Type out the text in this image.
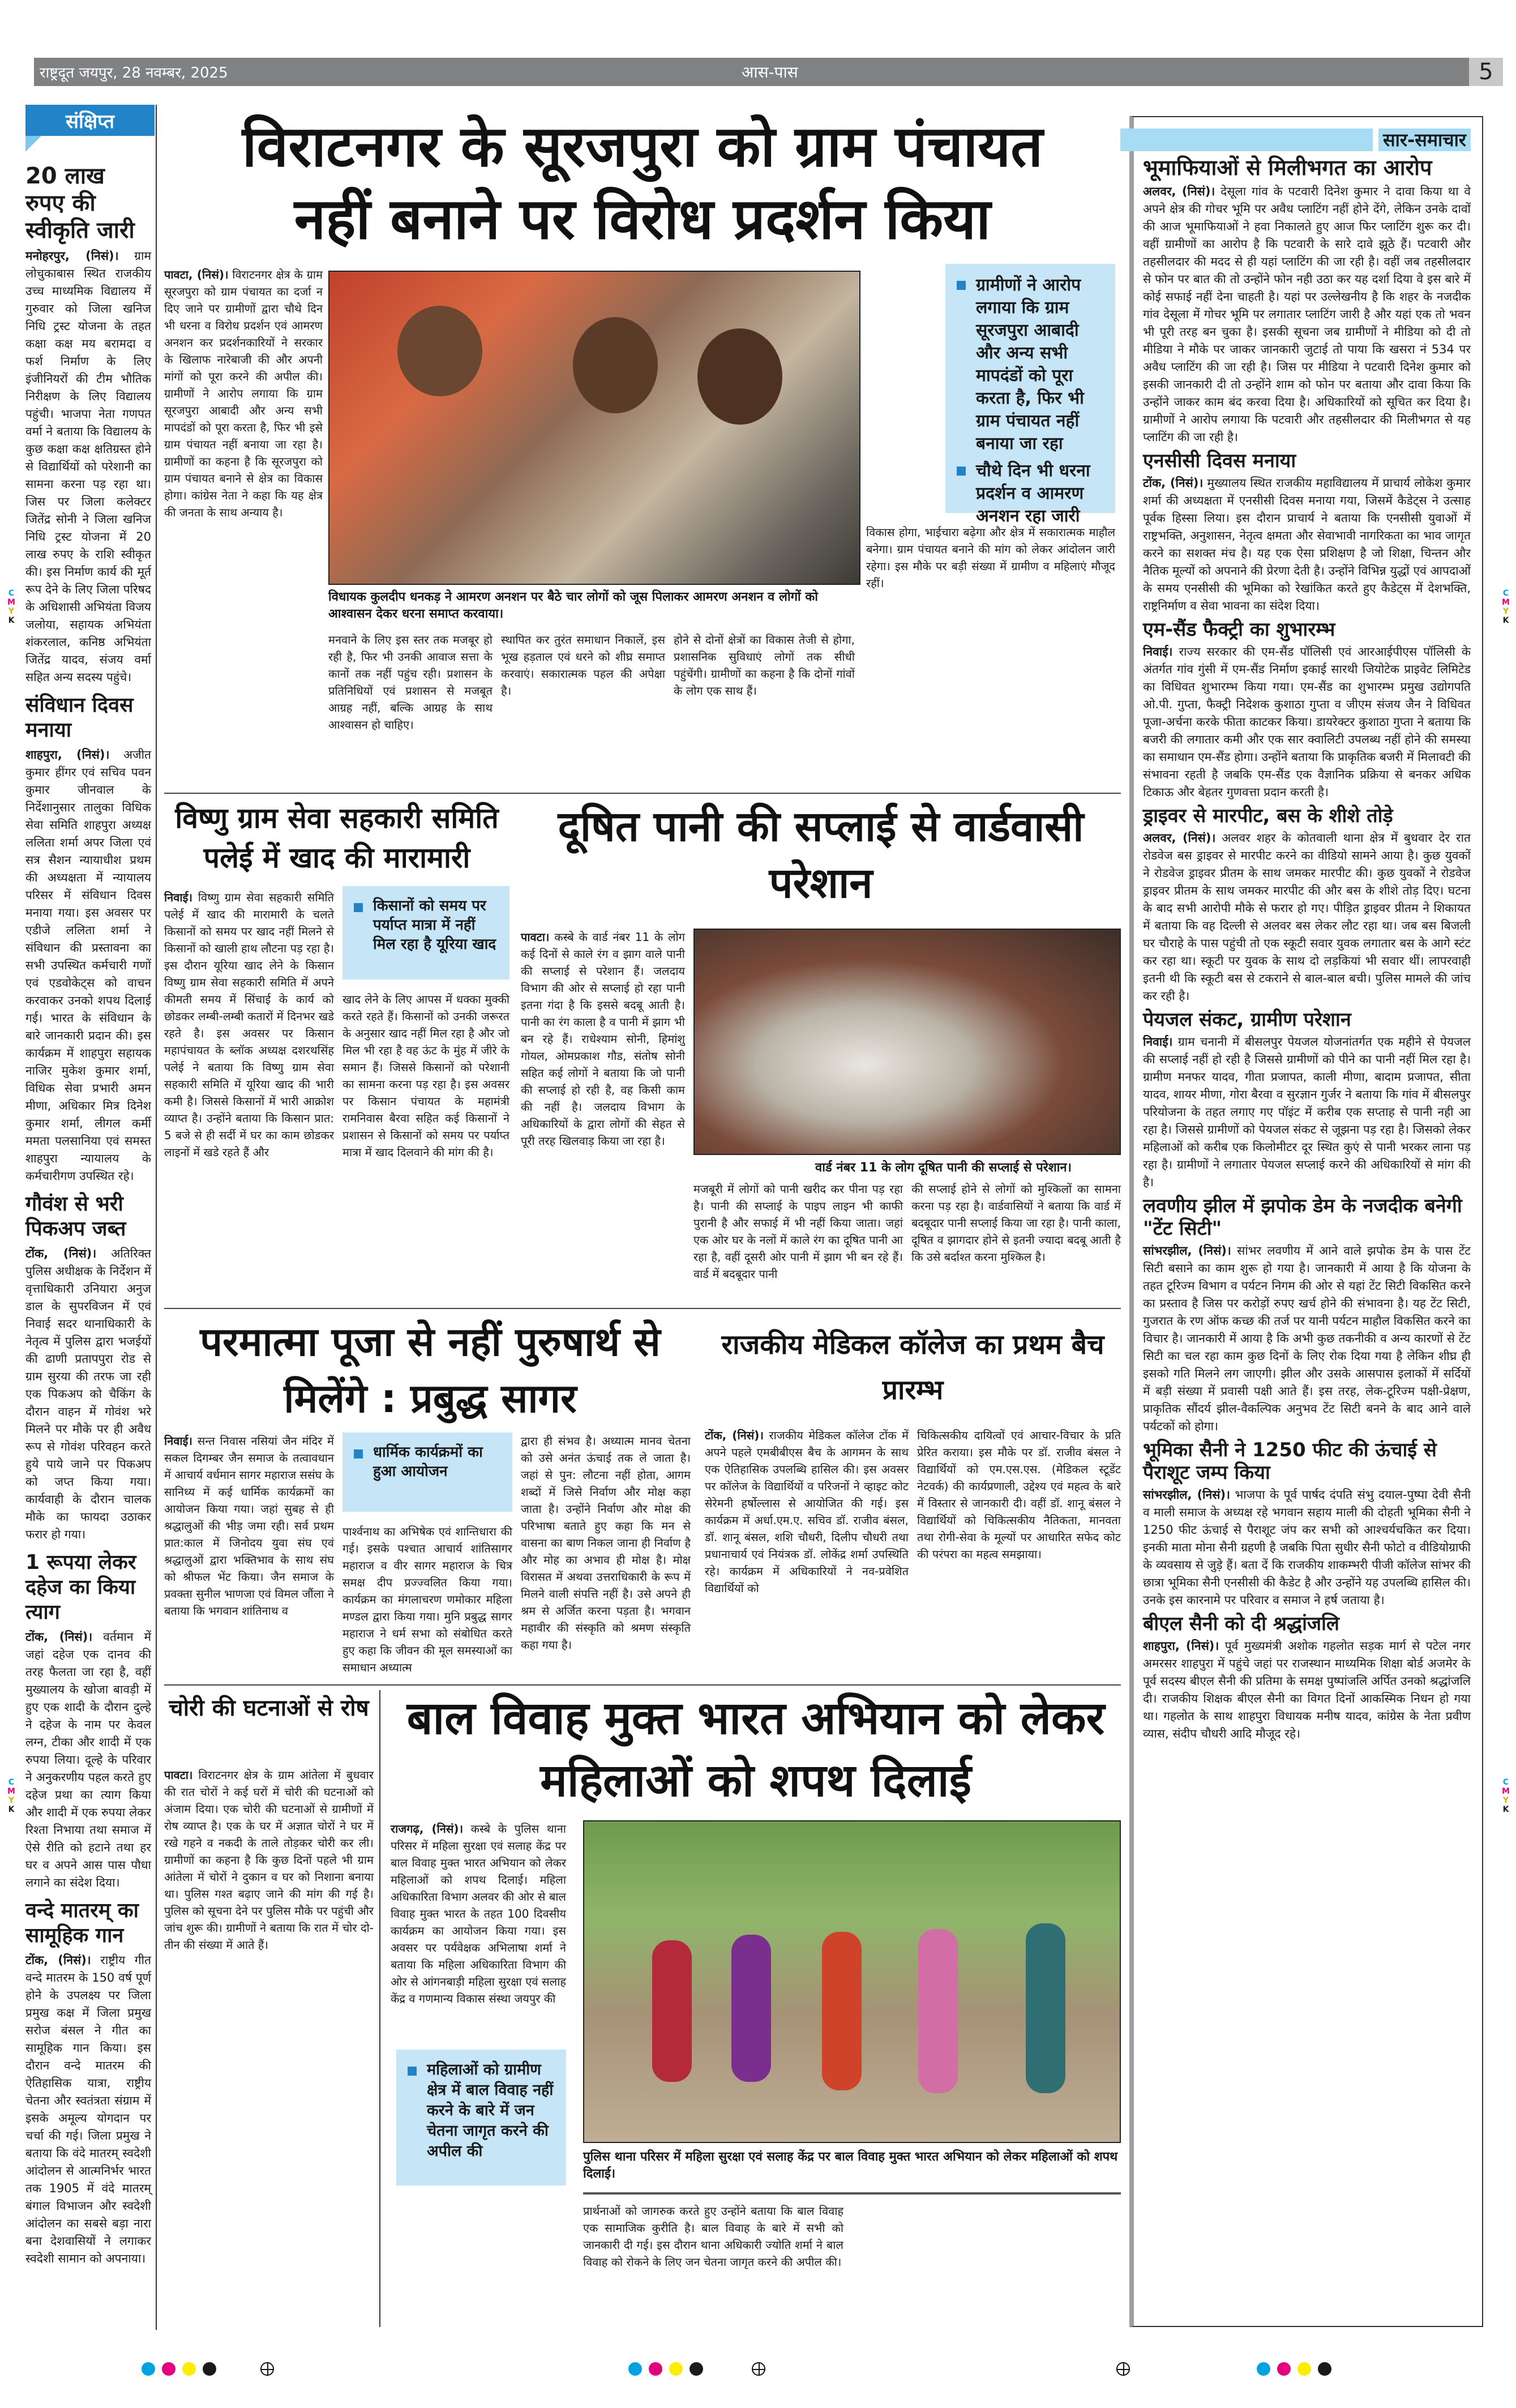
राष्ट्रदूत जयपुर, 28 नवम्बर, 2025	आस-पास	5
संक्षिप्त
20 लाख रुपए की स्वीकृति जारी

मनोहरपुर, (निसं)। ग्राम लोचुकाबास स्थित राजकीय उच्च माध्यमिक विद्यालय में गुरुवार को जिला खनिज निधि ट्रस्ट योजना के तहत कक्षा कक्ष मय बरामदा व फर्श निर्माण के लिए इंजीनियरों की टीम भौतिक निरीक्षण के लिए विद्यालय पहुंची। भाजपा नेता गणपत वर्मा ने बताया कि विद्यालय के कुछ कक्षा कक्ष क्षतिग्रस्त होने से विद्यार्थियों को परेशानी का सामना करना पड़ रहा था। जिस पर जिला कलेक्टर जितेंद्र सोनी ने जिला खनिज निधि ट्रस्ट योजना में 20 लाख रुपए के राशि स्वीकृत की। इस निर्माण कार्य की मूर्त रूप देने के लिए जिला परिषद के अधिशासी अभियंता विजय जलोया, सहायक अभियंता शंकरलाल, कनिष्ठ अभियंता जितेंद्र यादव, संजय वर्मा सहित अन्य सदस्य पहुंचे।

संविधान दिवस मनाया

शाहपुरा, (निसं)। अजीत कुमार हींगर एवं सचिव पवन कुमार जीनवाल के निर्देशानुसार तालुका विधिक सेवा समिति शाहपुरा अध्यक्ष ललिता शर्मा अपर जिला एवं सत्र सैशन न्यायाधीश प्रथम की अध्यक्षता में न्यायालय परिसर में संविधान दिवस मनाया गया। इस अवसर पर एडीजे ललिता शर्मा ने संविधान की प्रस्तावना का सभी उपस्थित कर्मचारी गणों एवं एडवोकेट्स को वाचन करवाकर उनको शपथ दिलाई गई। भारत के संविधान के बारे जानकारी प्रदान की। इस कार्यक्रम में शाहपुरा सहायक नाजिर मुकेश कुमार शर्मा, विधिक सेवा प्रभारी अमन मीणा, अधिकार मित्र दिनेश कुमार शर्मा, लीगल कर्मी ममता पलसानिया एवं समस्त शाहपुरा न्यायालय के कर्मचारीगण उपस्थित रहे।

गौवंश से भरी पिकअप जब्त

टोंक, (निसं)। अतिरिक्त पुलिस अधीक्षक के निर्देशन में वृत्ताधिकारी उनियारा अनुज डाल के सुपरविजन में एवं निवाई सदर थानाधिकारी के नेतृत्व में पुलिस द्वारा भजईयों की ढाणी प्रतापपुरा रोड से ग्राम सुरया की तरफ जा रही एक पिकअप को चैकिंग के दौरान वाहन में गोवंश भरे मिलने पर मौके पर ही अवैध रूप से गोवंश परिवहन करते हुये पाये जाने पर पिकअप को जप्त किया गया। कार्यवाही के दौरान चालक मौके का फायदा उठाकर फरार हो गया।

1 रूपया लेकर दहेज का किया त्याग

टोंक, (निसं)। वर्तमान में जहां दहेज एक दानव की तरह फैलता जा रहा है, वहीं मुख्यालय के खोजा बावड़ी में हुए एक शादी के दौरान दुल्हे ने दहेज के नाम पर केवल लग्न, टीका और शादी में एक रुपया लिया। दूल्हे के परिवार ने अनुकरणीय पहल करते हुए दहेज प्रथा का त्याग किया और शादी में एक रुपया लेकर रिश्ता निभाया तथा समाज में ऐसे रीति को हटाने तथा हर घर व अपने आस पास पौधा लगाने का संदेश दिया।

वन्दे मातरम् का सामूहिक गान

टोंक, (निसं)। राष्ट्रीय गीत वन्दे मातरम के 150 वर्ष पूर्ण होने के उपलक्ष्य पर जिला प्रमुख कक्ष में जिला प्रमुख सरोज बंसल ने गीत का सामूहिक गान किया। इस दौरान वन्दे मातरम की ऐतिहासिक यात्रा, राष्ट्रीय चेतना और स्वतंत्रता संग्राम में इसके अमूल्य योगदान पर चर्चा की गई। जिला प्रमुख ने बताया कि वंदे मातरम् स्वदेशी आंदोलन से आत्मनिर्भर भारत तक 1905 में वंदे मातरम् बंगाल विभाजन और स्वदेशी आंदोलन का सबसे बड़ा नारा बना देशवासियों ने लगाकर स्वदेशी सामान को अपनाया।

विराटनगर के सूरजपुरा को ग्राम पंचायत
नहीं बनाने पर विरोध प्रदर्शन किया
पावटा, (निसं)। विराटनगर क्षेत्र के ग्राम सूरजपुरा को ग्राम पंचायत का दर्जा न दिए जाने पर ग्रामीणों द्वारा चौथे दिन भी धरना व विरोध प्रदर्शन एवं आमरण अनशन कर प्रदर्शनकारियों ने सरकार के खिलाफ नारेबाजी की और अपनी मांगों को पूरा करने की अपील की। ग्रामीणों ने आरोप लगाया कि ग्राम सूरजपुरा आबादी और अन्य सभी मापदंडों को पूरा करता है, फिर भी इसे ग्राम पंचायत नहीं बनाया जा रहा है। ग्रामीणों का कहना है कि सूरजपुरा को ग्राम पंचायत बनाने से क्षेत्र का विकास होगा। कांग्रेस नेता ने कहा कि यह क्षेत्र की जनता के साथ अन्याय है।
विधायक कुलदीप धनकड़ ने आमरण अनशन पर बैठे चार लोगों को जूस पिलाकर आमरण अनशन व लोगों को आश्वासन देकर धरना समाप्त करवाया।
ग्रामीणों ने आरोप लगाया कि ग्राम सूरजपुरा आबादी और अन्य सभी मापदंडों को पूरा करता है, फिर भी ग्राम पंचायत नहीं बनाया जा रहा
चौथे दिन भी धरना प्रदर्शन व आमरण अनशन रहा जारी
विकास होगा, भाईचारा बढ़ेगा और क्षेत्र में सकारात्मक माहौल बनेगा। ग्राम पंचायत बनाने की मांग को लेकर आंदोलन जारी रहेगा। इस मौके पर बड़ी संख्या में ग्रामीण व महिलाएं मौजूद रहीं।
मनवाने के लिए इस स्तर तक मजबूर हो रही है, फिर भी उनकी आवाज सत्ता के कानों तक नहीं पहुंच रही। प्रशासन के प्रतिनिधियों एवं प्रशासन से मजबूत आग्रह नहीं, बल्कि आग्रह के साथ आश्वासन हो चाहिए।
स्थापित कर तुरंत समाधान निकालें, इस भूख हड़ताल एवं धरने को शीघ्र समाप्त करवाएं। सकारात्मक पहल की अपेक्षा है।
होने से दोनों क्षेत्रों का विकास तेजी से होगा, प्रशासनिक सुविधाएं लोगों तक सीधी पहुंचेंगी। ग्रामीणों का कहना है कि दोनों गांवों के लोग एक साथ हैं।
विष्णु ग्राम सेवा सहकारी समिति पलेई में खाद की मारामारी
निवाई। विष्णु ग्राम सेवा सहकारी समिति पलेई में खाद की मारामारी के चलते किसानों को समय पर खाद नहीं मिलने से किसानों को खाली हाथ लौटना पड़ रहा है। इस दौरान यूरिया खाद लेने के किसान विष्णु ग्राम सेवा सहकारी समिति में अपने कीमती समय में सिंचाई के कार्य को छोडकर लम्बी-लम्बी कतारों में दिनभर खडे रहते है। इस अवसर पर किसान महापंचायत के ब्लॉक अध्यक्ष दशरथसिंह पलेई ने बताया कि विष्णु ग्राम सेवा सहकारी समिति में यूरिया खाद की भारी कमी है। जिससे किसानों में भारी आक्रोश व्याप्त है। उन्होंने बताया कि किसान प्रात: 5 बजे से ही सर्दी में घर का काम छोडकर लाइनों में खडे रहते हैं और
किसानों को समय पर पर्याप्त मात्रा में नहीं मिल रहा है यूरिया खाद
खाद लेने के लिए आपस में धक्का मुक्की करते रहते हैं। किसानों को उनकी जरूरत के अनुसार खाद नहीं मिल रहा है और जो मिल भी रहा है वह ऊंट के मुंह में जीरे के समान हैं। जिससे किसानों को परेशानी का सामना करना पड़ रहा है। इस अवसर पर किसान पंचायत के महामंत्री रामनिवास बैरवा सहित कई किसानों ने प्रशासन से किसानों को समय पर पर्याप्त मात्रा में खाद दिलवाने की मांग की है।
दूषित पानी की सप्लाई से वार्डवासी परेशान
पावटा। कस्बे के वार्ड नंबर 11 के लोग कई दिनों से काले रंग व झाग वाले पानी की सप्लाई से परेशान हैं। जलदाय विभाग की ओर से सप्लाई हो रहा पानी इतना गंदा है कि इससे बदबू आती है। पानी का रंग काला है व पानी में झाग भी बन रहे हैं। राधेश्याम सोनी, हिमांशु गोयल, ओमप्रकाश गौड, संतोष सोनी सहित कई लोगों ने बताया कि जो पानी की सप्लाई हो रही है, वह किसी काम की नहीं है। जलदाय विभाग के अधिकारियों के द्वारा लोगों की सेहत से पूरी तरह खिलवाड़ किया जा रहा है।
वार्ड नंबर 11 के लोग दूषित पानी की सप्लाई से परेशान।
मजबूरी में लोगों को पानी खरीद कर पीना पड़ रहा है। पानी की सप्लाई के पाइप लाइन भी काफी पुरानी है और सफाई में भी नहीं किया जाता। जहां एक ओर घर के नलों में काले रंग का दूषित पानी आ रहा है, वहीं दूसरी ओर पानी में झाग भी बन रहे हैं। वार्ड में बदबूदार पानी
की सप्लाई होने से लोगों को मुश्किलों का सामना करना पड़ रहा है। वार्डवासियों ने बताया कि वार्ड में बदबूदार पानी सप्लाई किया जा रहा है। पानी काला, दूषित व झागदार होने से इतनी ज्यादा बदबू आती है कि उसे बर्दाश्त करना मुश्किल है।
परमात्मा पूजा से नहीं पुरुषार्थ से मिलेंगे : प्रबुद्ध सागर
निवाई। सन्त निवास नसियां जैन मंदिर में सकल दिगम्बर जैन समाज के तत्वावधान में आचार्य वर्धमान सागर महाराज ससंघ के सानिध्य में कई धार्मिक कार्यक्रमों का आयोजन किया गया। जहां सुबह से ही श्रद्धालुओं की भीड़ जमा रही। सर्व प्रथम प्रात:काल में जिनोदय युवा संघ एवं श्रद्धालुओं द्वारा भक्तिभाव के साथ संघ को श्रीफल भेंट किया। जैन समाज के प्रवक्ता सुनील भाणजा एवं विमल जौंला ने बताया कि भगवान शांतिनाथ व
धार्मिक कार्यक्रमों का हुआ आयोजन
पार्श्वनाथ का अभिषेक एवं शान्तिधारा की गई। इसके पश्चात आचार्य शांतिसागर महाराज व वीर सागर महाराज के चित्र समक्ष दीप प्रज्ज्वलित किया गया। कार्यक्रम का मंगलाचरण णमोकार महिला मण्डल द्वारा किया गया। मुनि प्रबुद्ध सागर महाराज ने धर्म सभा को संबोधित करते हुए कहा कि जीवन की मूल समस्याओं का समाधान अध्यात्म
द्वारा ही संभव है। अध्यात्म मानव चेतना को उसे अनंत ऊंचाई तक ले जाता है। जहां से पुन: लौटना नहीं होता, आगम शब्दों में जिसे निर्वाण और मोक्ष कहा जाता है। उन्होंने निर्वाण और मोक्ष की परिभाषा बताते हुए कहा कि मन से वासना का बाण निकल जाना ही निर्वाण है और मोह का अभाव ही मोक्ष है। मोक्ष विरासत में अथवा उत्तराधिकारी के रूप में मिलने वाली संपत्ति नहीं है। उसे अपने ही श्रम से अर्जित करना पड़ता है। भगवान महावीर की संस्कृति को श्रमण संस्कृति कहा गया है।
राजकीय मेडिकल कॉलेज का प्रथम बैच प्रारम्भ
टोंक, (निसं)। राजकीय मेडिकल कॉलेज टोंक में अपने पहले एमबीबीएस बैच के आगमन के साथ एक ऐतिहासिक उपलब्धि हासिल की। इस अवसर पर कॉलेज के विद्यार्थियों व परिजनों ने व्हाइट कोट सेरेमनी हर्षोल्लास से आयोजित की गई। इस कार्यक्रम में अर्धा.एम.ए. सचिव डॉ. राजीव बंसल, डॉ. शानू बंसल, शशि चौधरी, दिलीप चौधरी तथा प्रधानाचार्य एवं नियंत्रक डॉ. लोकेंद्र शर्मा उपस्थिति रहे। कार्यक्रम में अधिकारियों ने नव-प्रवेशित विद्यार्थियों को
चिकित्सकीय दायित्वों एवं आचार-विचार के प्रति प्रेरित कराया। इस मौके पर डॉ. राजीव बंसल ने विद्यार्थियों को एम.एस.एस. (मेडिकल स्टूडेंट नेटवर्क) की कार्यप्रणाली, उद्देश्य एवं महत्व के बारे में विस्तार से जानकारी दी। वहीं डॉ. शानू बंसल ने विद्यार्थियों को चिकित्सकीय नैतिकता, मानवता तथा रोगी-सेवा के मूल्यों पर आधारित सफेद कोट की परंपरा का महत्व समझाया।
चोरी की घटनाओं से रोष
पावटा। विराटनगर क्षेत्र के ग्राम आंतेला में बुधवार की रात चोरों ने कई घरों में चोरी की घटनाओं को अंजाम दिया। एक चोरी की घटनाओं से ग्रामीणों में रोष व्याप्त है। एक के घर में अज्ञात चोरों ने घर में रखे गहने व नकदी के ताले तोड़कर चोरी कर ली। ग्रामीणों का कहना है कि कुछ दिनों पहले भी ग्राम आंतेला में चोरों ने दुकान व घर को निशाना बनाया था। पुलिस गश्त बढ़ाए जाने की मांग की गई है। पुलिस को सूचना देने पर पुलिस मौके पर पहुंची और जांच शुरू की। ग्रामीणों ने बताया कि रात में चोर दो-तीन की संख्या में आते हैं।
बाल विवाह मुक्त भारत अभियान को लेकर महिलाओं को शपथ दिलाई
राजगढ़, (निसं)। कस्बे के पुलिस थाना परिसर में महिला सुरक्षा एवं सलाह केंद्र पर बाल विवाह मुक्त भारत अभियान को लेकर महिलाओं को शपथ दिलाई। महिला अधिकारिता विभाग अलवर की ओर से बाल विवाह मुक्त भारत के तहत 100 दिवसीय कार्यक्रम का आयोजन किया गया। इस अवसर पर पर्यवेक्षक अभिलाषा शर्मा ने बताया कि महिला अधिकारिता विभाग की ओर से आंगनबाड़ी महिला सुरक्षा एवं सलाह केंद्र व गणमान्य विकास संस्था जयपुर की
महिलाओं को ग्रामीण क्षेत्र में बाल विवाह नहीं करने के बारे में जन चेतना जागृत करने की अपील की	पुलिस थाना परिसर में महिला सुरक्षा एवं सलाह केंद्र पर बाल विवाह मुक्त भारत अभियान को लेकर महिलाओं को शपथ दिलाई।
प्रार्थनाओं को जागरुक करते हुए उन्होंने बताया कि बाल विवाह एक सामाजिक कुरीति है। बाल विवाह के बारे में सभी को जानकारी दी गई। इस दौरान थाना अधिकारी ज्योति शर्मा ने बाल विवाह को रोकने के लिए जन चेतना जागृत करने की अपील की।
सार-समाचार
भूमाफियाओं से मिलीभगत का आरोप

अलवर, (निसं)। देसूला गांव के पटवारी दिनेश कुमार ने दावा किया था वे अपने क्षेत्र की गोचर भूमि पर अवैध प्लाटिंग नहीं होने देंगे, लेकिन उनके दावों की आज भूमाफियाओं ने हवा निकालते हुए आज फिर प्लाटिंग शुरू कर दी। वहीं ग्रामीणों का आरोप है कि पटवारी के सारे दावे झूठे हैं। पटवारी और तहसीलदार की मदद से ही यहां प्लाटिंग की जा रही है। वहीं जब तहसीलदार से फोन पर बात की तो उन्होंने फोन नही उठा कर यह दर्शा दिया वे इस बारे में कोई सफाई नहीं देना चाहती है। यहां पर उल्लेखनीय है कि शहर के नजदीक गांव देसूला में गोचर भूमि पर लगातार प्लाटिंग जारी है और यहां एक तो भवन भी पूरी तरह बन चुका है। इसकी सूचना जब ग्रामीणों ने मीडिया को दी तो मीडिया ने मौके पर जाकर जानकारी जुटाई तो पाया कि खसरा नं 534 पर अवैध प्लाटिंग की जा रही है। जिस पर मीडिया ने पटवारी दिनेश कुमार को इसकी जानकारी दी तो उन्होंने शाम को फोन पर बताया और दावा किया कि उन्होंने जाकर काम बंद करवा दिया है। अधिकारियों को सूचित कर दिया है। ग्रामीणों ने आरोप लगाया कि पटवारी और तहसीलदार की मिलीभगत से यह प्लाटिंग की जा रही है।

एनसीसी दिवस मनाया

टोंक, (निसं)। मुख्यालय स्थित राजकीय महाविद्यालय में प्राचार्य लोकेश कुमार शर्मा की अध्यक्षता में एनसीसी दिवस मनाया गया, जिसमें कैडेट्स ने उत्साह पूर्वक हिस्सा लिया। इस दौरान प्राचार्य ने बताया कि एनसीसी युवाओं में राष्ट्रभक्ति, अनुशासन, नेतृत्व क्षमता और सेवाभावी नागरिकता का भाव जागृत करने का सशक्त मंच है। यह एक ऐसा प्रशिक्षण है जो शिक्षा, चिन्तन और नैतिक मूल्यों को अपनाने की प्रेरणा देती है। उन्होंने विभिन्न युद्धों एवं आपदाओं के समय एनसीसी की भूमिका को रेखांकित करते हुए कैडेट्स में देशभक्ति, राष्ट्रनिर्माण व सेवा भावना का संदेश दिया।

एम-सैंड फैक्ट्री का शुभारम्भ

निवाई। राज्य सरकार की एम-सैंड पॉलिसी एवं आरआईपीएस पॉलिसी के अंतर्गत गांव गुंसी में एम-सैंड निर्माण इकाई सारथी जियोटेक प्राइवेट लिमिटेड का विधिवत शुभारम्भ किया गया। एम-सैंड का शुभारम्भ प्रमुख उद्योगपति ओ.पी. गुप्ता, फैक्ट्री निदेशक कुशाठा गुप्ता व जीएम संजय जैन ने विधिवत पूजा-अर्चना करके फीता काटकर किया। डायरेक्टर कुशाठा गुप्ता ने बताया कि बजरी की लगातार कमी और एक सार क्वालिटी उपलब्ध नहीं होने की समस्या का समाधान एम-सैंड होगा। उन्होंने बताया कि प्राकृतिक बजरी में मिलावटी की संभावना रहती है जबकि एम-सैंड एक वैज्ञानिक प्रक्रिया से बनकर अधिक टिकाऊ और बेहतर गुणवत्ता प्रदान करती है।

ड्राइवर से मारपीट, बस के शीशे तोड़े

अलवर, (निसं)। अलवर शहर के कोतवाली थाना क्षेत्र में बुधवार देर रात रोडवेज बस ड्राइवर से मारपीट करने का वीडियो सामने आया है। कुछ युवकों ने रोडवेज ड्राइवर प्रीतम के साथ जमकर मारपीट की। कुछ युवकों ने रोडवेज ड्राइवर प्रीतम के साथ जमकर मारपीट की और बस के शीशे तोड़ दिए। घटना के बाद सभी आरोपी मौके से फरार हो गए। पीड़ित ड्राइवर प्रीतम ने शिकायत में बताया कि वह दिल्ली से अलवर बस लेकर लौट रहा था। जब बस बिजली घर चौराहे के पास पहुंची तो एक स्कूटी सवार युवक लगातार बस के आगे स्टंट कर रहा था। स्कूटी पर युवक के साथ दो लड़कियां भी सवार थीं। लापरवाही इतनी थी कि स्कूटी बस से टकराने से बाल-बाल बची। पुलिस मामले की जांच कर रही है।

पेयजल संकट, ग्रामीण परेशान

निवाई। ग्राम चनानी में बीसलपुर पेयजल योजनांतर्गत एक महीने से पेयजल की सप्लाई नहीं हो रही है जिससे ग्रामीणों को पीने का पानी नहीं मिल रहा है। ग्रामीण मनफर यादव, गीता प्रजापत, काली मीणा, बादाम प्रजापत, सीता यादव, शायर मीणा, गोरा बैरवा व सुरज्ञान गुर्जर ने बताया कि गांव में बीसलपुर परियोजना के तहत लगाए गए पॉइंट में करीब एक सप्ताह से पानी नही आ रहा है। जिससे ग्रामीणों को पेयजल संकट से जूझना पड़ रहा है। जिसको लेकर महिलाओं को करीब एक किलोमीटर दूर स्थित कुएं से पानी भरकर लाना पड़ रहा है। ग्रामीणों ने लगातार पेयजल सप्लाई करने की अधिकारियों से मांग की है।

लवणीय झील में झपोक डेम के नजदीक बनेगी "टेंट सिटी"

सांभरझील, (निसं)। सांभर लवणीय में आने वाले झपोक डेम के पास टेंट सिटी बसाने का काम शुरू हो गया है। जानकारी में आया है कि योजना के तहत टूरिज्म विभाग व पर्यटन निगम की ओर से यहां टेंट सिटी विकसित करने का प्रस्ताव है जिस पर करोड़ों रुपए खर्च होने की संभावना है। यह टेंट सिटी, गुजरात के रण ऑफ कच्छ की तर्ज पर यानी पर्यटन माहौल विकसित करने का विचार है। जानकारी में आया है कि अभी कुछ तकनीकी व अन्य कारणों से टेंट सिटी का चल रहा काम कुछ दिनों के लिए रोक दिया गया है लेकिन शीघ्र ही इसको गति मिलने लग जाएगी। झील और उसके आसपास इलाकों में सर्दियों में बड़ी संख्या में प्रवासी पक्षी आते हैं। इस तरह, लेक-टूरिज्म पक्षी-प्रेक्षण, प्राकृतिक सौंदर्य झील-वैकल्पिक अनुभव टेंट सिटी बनने के बाद आने वाले पर्यटकों को होगा।

भूमिका सैनी ने 1250 फीट की ऊंचाई से पैराशूट जम्प किया

सांभरझील, (निसं)। भाजपा के पूर्व पार्षद दंपति संभु दयाल-पुष्पा देवी सैनी व माली समाज के अध्यक्ष रहे भगवान सहाय माली की दोहती भूमिका सैनी ने 1250 फीट ऊंचाई से पैराशूट जंप कर सभी को आश्चर्यचकित कर दिया। इनकी माता मोना सैनी ग्रहणी है जबकि पिता सुधीर सैनी फोटो व वीडियोग्राफी के व्यवसाय से जुड़े हैं। बता दें कि राजकीय शाकम्भरी पीजी कॉलेज सांभर की छात्रा भूमिका सैनी एनसीसी की कैडेट है और उन्होंने यह उपलब्धि हासिल की। उनके इस कारनामे पर परिवार व समाज ने हर्ष जताया है।

बीएल सैनी को दी श्रद्धांजलि

शाहपुरा, (निसं)। पूर्व मुख्यमंत्री अशोक गहलोत सड़क मार्ग से पटेल नगर अमरसर शाहपुरा में पहुंचे जहां पर राजस्थान माध्यमिक शिक्षा बोर्ड अजमेर के पूर्व सदस्य बीएल सैनी की प्रतिमा के समक्ष पुष्पांजलि अर्पित उनको श्रद्धांजलि दी। राजकीय शिक्षक बीएल सैनी का विगत दिनों आकस्मिक निधन हो गया था। गहलोत के साथ शाहपुरा विधायक मनीष यादव, कांग्रेस के नेता प्रवीण व्यास, संदीप चौधरी आदि मौजूद रहे।

C
M
Y
K
C
M
Y
K
C
M
Y
K
C
M
Y
K
